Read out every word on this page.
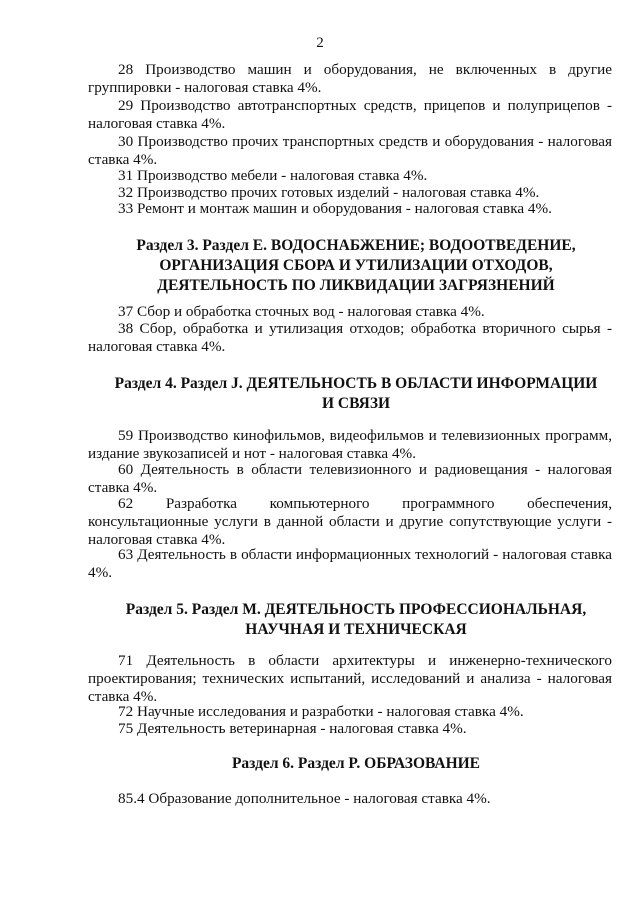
2

28 Производство машин и оборудования, не включенных в другие группировки - налоговая ставка 4%.

29 Производство автотранспортных средств, прицепов и полуприцепов - налоговая ставка 4%.

30 Производство прочих транспортных средств и оборудования - налоговая ставка 4%.

31 Производство мебели - налоговая ставка 4%.

32 Производство прочих готовых изделий - налоговая ставка 4%.

33 Ремонт и монтаж машин и оборудования - налоговая ставка 4%.

Раздел 3. Раздел E. ВОДОСНАБЖЕНИЕ; ВОДООТВЕДЕНИЕ,
ОРГАНИЗАЦИЯ СБОРА И УТИЛИЗАЦИИ ОТХОДОВ,
ДЕЯТЕЛЬНОСТЬ ПО ЛИКВИДАЦИИ ЗАГРЯЗНЕНИЙ

37 Сбор и обработка сточных вод - налоговая ставка 4%.

38 Сбор, обработка и утилизация отходов; обработка вторичного сырья - налоговая ставка 4%.

Раздел 4. Раздел J. ДЕЯТЕЛЬНОСТЬ В ОБЛАСТИ ИНФОРМАЦИИ
И СВЯЗИ

59 Производство кинофильмов, видеофильмов и телевизионных программ, издание звукозаписей и нот - налоговая ставка 4%.

60 Деятельность в области телевизионного и радиовещания - налоговая ставка 4%.

62 Разработка компьютерного программного обеспечения, консультационные услуги в данной области и другие сопутствующие услуги - налоговая ставка 4%.

63 Деятельность в области информационных технологий - налоговая ставка 4%.

Раздел 5. Раздел M. ДЕЯТЕЛЬНОСТЬ ПРОФЕССИОНАЛЬНАЯ,
НАУЧНАЯ И ТЕХНИЧЕСКАЯ

71 Деятельность в области архитектуры и инженерно-технического проектирования; технических испытаний, исследований и анализа - налоговая ставка 4%.

72 Научные исследования и разработки - налоговая ставка 4%.

75 Деятельность ветеринарная - налоговая ставка 4%.

Раздел 6. Раздел P. ОБРАЗОВАНИЕ

85.4 Образование дополнительное - налоговая ставка 4%.
